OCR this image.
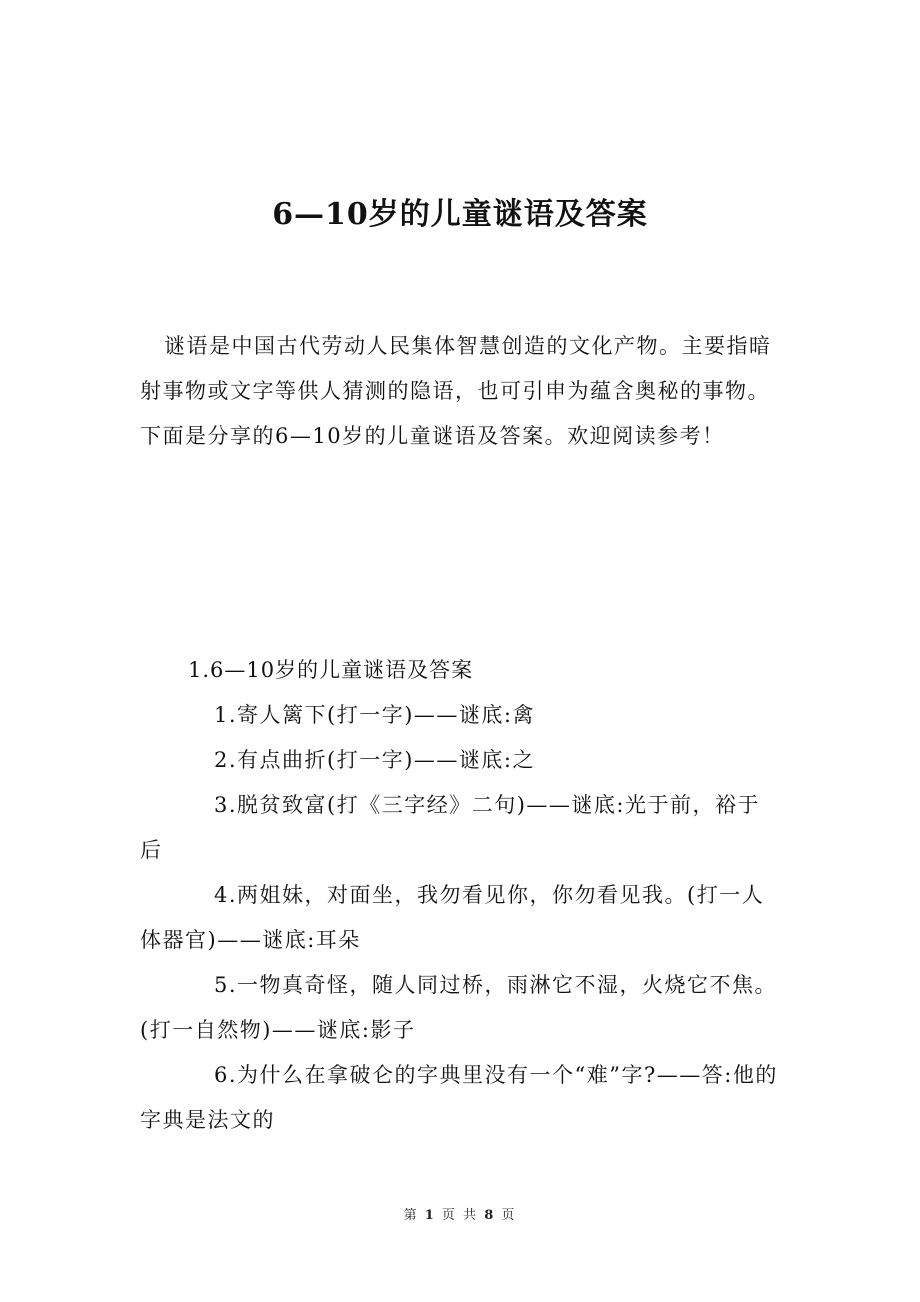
6—10岁的儿童谜语及答案

谜语是中国古代劳动人民集体智慧创造的文化产物。主要指暗射事物或文字等供人猜测的隐语，也可引申为蕴含奥秘的事物。下面是分享的6—10岁的儿童谜语及答案。欢迎阅读参考！

1.6—10岁的儿童谜语及答案

1.寄人篱下(打一字)——谜底:禽

2.有点曲折(打一字)——谜底:之

3.脱贫致富(打《三字经》二句)——谜底:光于前，裕于后

4.两姐妹，对面坐，我勿看见你，你勿看见我。(打一人体器官)——谜底:耳朵

5.一物真奇怪，随人同过桥，雨淋它不湿，火烧它不焦。(打一自然物)——谜底:影子

6.为什么在拿破仑的字典里没有一个“难”字?——答:他的字典是法文的

第 1 页 共 8 页
